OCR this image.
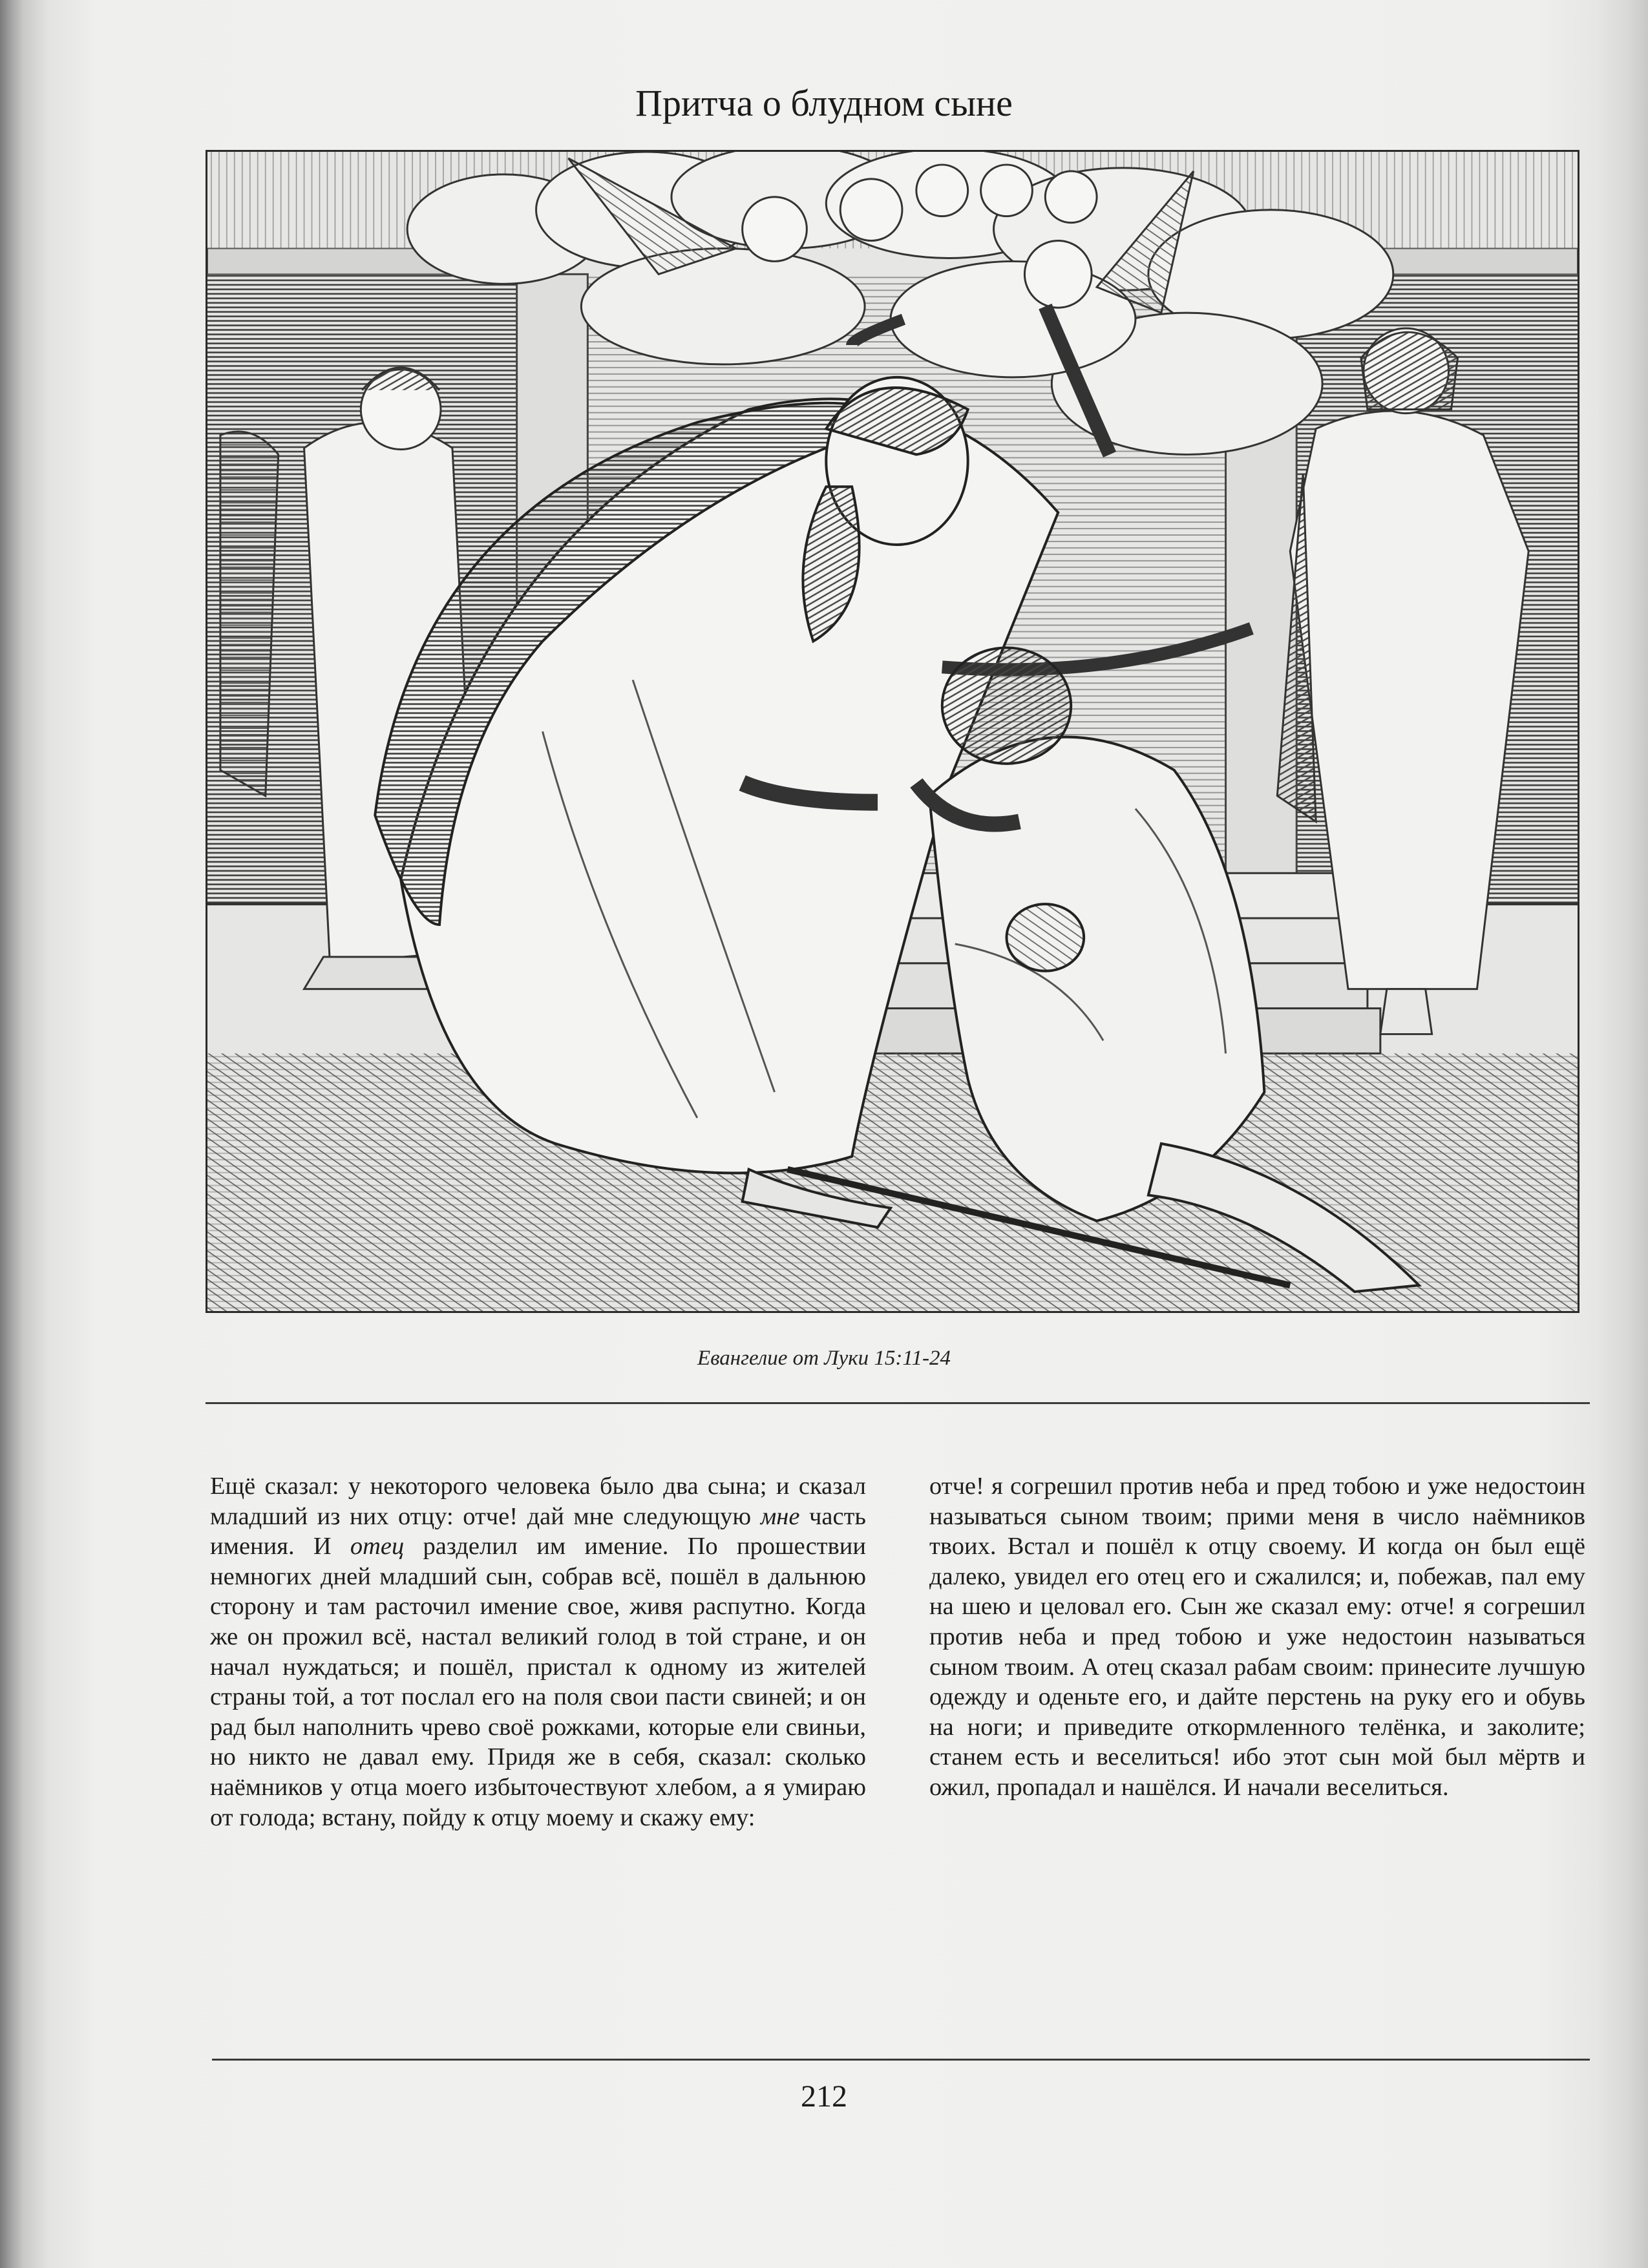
Притча о блудном сыне
Евангелие от Луки 15:11-24
Ещё сказал: у некоторого человека было два сына; и сказал младший из них отцу: отче! дай мне следующую мне часть имения. И отец разделил им имение. По прошествии немногих дней младший сын, собрав всё, пошёл в дальнюю сторону и там расточил имение свое, живя распутно. Когда же он прожил всё, настал великий голод в той стране, и он начал нуждаться; и пошёл, пристал к одному из жителей страны той, а тот послал его на поля свои пасти свиней; и он рад был наполнить чрево своё рожками, которые ели свиньи, но никто не давал ему. Придя же в себя, сказал: сколько наёмников у отца моего избыточествуют хлебом, а я умираю от голода; встану, пойду к отцу моему и скажу ему:
отче! я согрешил против неба и пред тобою и уже недостоин называться сыном твоим; прими меня в число наёмников твоих. Встал и пошёл к отцу своему. И когда он был ещё далеко, увидел его отец его и сжалился; и, побежав, пал ему на шею и целовал его. Сын же сказал ему: отче! я согрешил против неба и пред тобою и уже недостоин называться сыном твоим. А отец сказал рабам своим: принесите лучшую одежду и оденьте его, и дайте перстень на руку его и обувь на ноги; и приведите откормленного телёнка, и заколите; станем есть и веселиться! ибо этот сын мой был мёртв и ожил, пропадал и нашёлся. И начали веселиться.
212
